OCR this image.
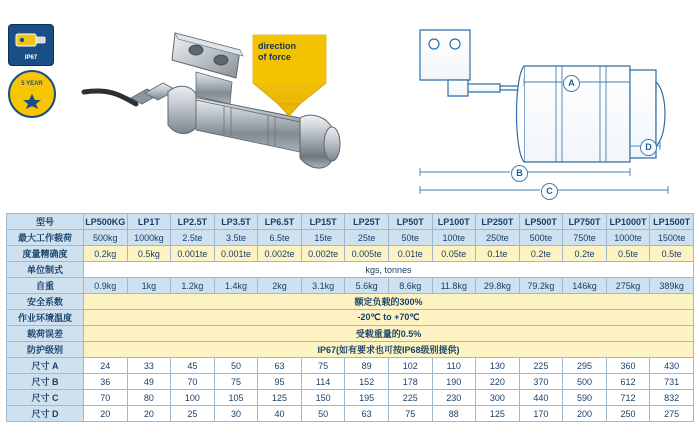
A
B
C
D
direction
of force
IP67
5 YEAR
型号	LP500KG	LP1T	LP2.5T	LP3.5T	LP6.5T	LP15T	LP25T	LP50T	LP100T	LP250T	LP500T	LP750T	LP1000T	LP1500T
最大工作载荷	500kg	1000kg	2.5te	3.5te	6.5te	15te	25te	50te	100te	250te	500te	750te	1000te	1500te
度量精确度	0.2kg	0.5kg	0.001te	0.001te	0.002te	0.002te	0.005te	0.01te	0.05te	0.1te	0.2te	0.2te	0.5te	0.5te
单位制式	kgs, tonnes													
自重	0.9kg	1kg	1.2kg	1.4kg	2kg	3.1kg	5.6kg	8.6kg	11.8kg	29.8kg	79.2kg	146kg	275kg	389kg
安全系数	额定负载的300%													
作业环境温度	-20℃ to +70℃													
载荷误差	受载重量的0.5%													
防护级别	IP67(如有要求也可按IP68级别提供)													
尺寸 A	24	33	45	50	63	75	89	102	110	130	225	295	360	430
尺寸 B	36	49	70	75	95	114	152	178	190	220	370	500	612	731
尺寸 C	70	80	100	105	125	150	195	225	230	300	440	590	712	832
尺寸 D	20	20	25	30	40	50	63	75	88	125	170	200	250	275
